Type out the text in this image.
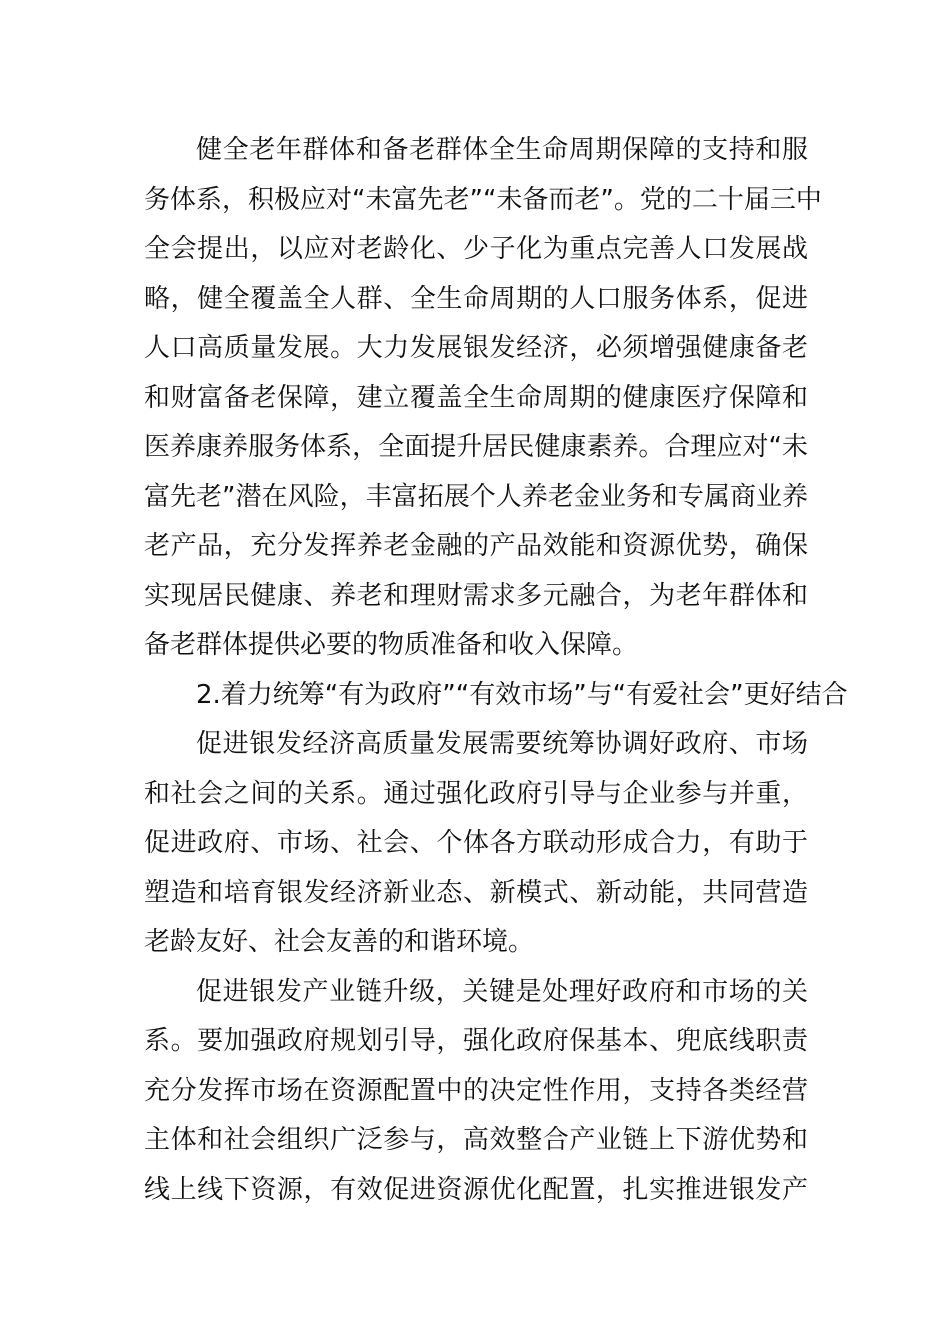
健全老年群体和备老群体全生命周期保障的支持和服
务体系，积极应对“未富先老”“未备而老”。党的二十届三中
全会提出，以应对老龄化、少子化为重点完善人口发展战
略，健全覆盖全人群、全生命周期的人口服务体系，促进
人口高质量发展。大力发展银发经济，必须增强健康备老
和财富备老保障，建立覆盖全生命周期的健康医疗保障和
医养康养服务体系，全面提升居民健康素养。合理应对“未
富先老”潜在风险，丰富拓展个人养老金业务和专属商业养
老产品，充分发挥养老金融的产品效能和资源优势，确保
实现居民健康、养老和理财需求多元融合，为老年群体和
备老群体提供必要的物质准备和收入保障。
2.着力统筹“有为政府”“有效市场”与“有爱社会”更好结合
促进银发经济高质量发展需要统筹协调好政府、市场
和社会之间的关系。通过强化政府引导与企业参与并重，
促进政府、市场、社会、个体各方联动形成合力，有助于
塑造和培育银发经济新业态、新模式、新动能，共同营造
老龄友好、社会友善的和谐环境。
促进银发产业链升级，关键是处理好政府和市场的关
系。要加强政府规划引导，强化政府保基本、兜底线职责
充分发挥市场在资源配置中的决定性作用，支持各类经营
主体和社会组织广泛参与，高效整合产业链上下游优势和
线上线下资源，有效促进资源优化配置，扎实推进银发产
